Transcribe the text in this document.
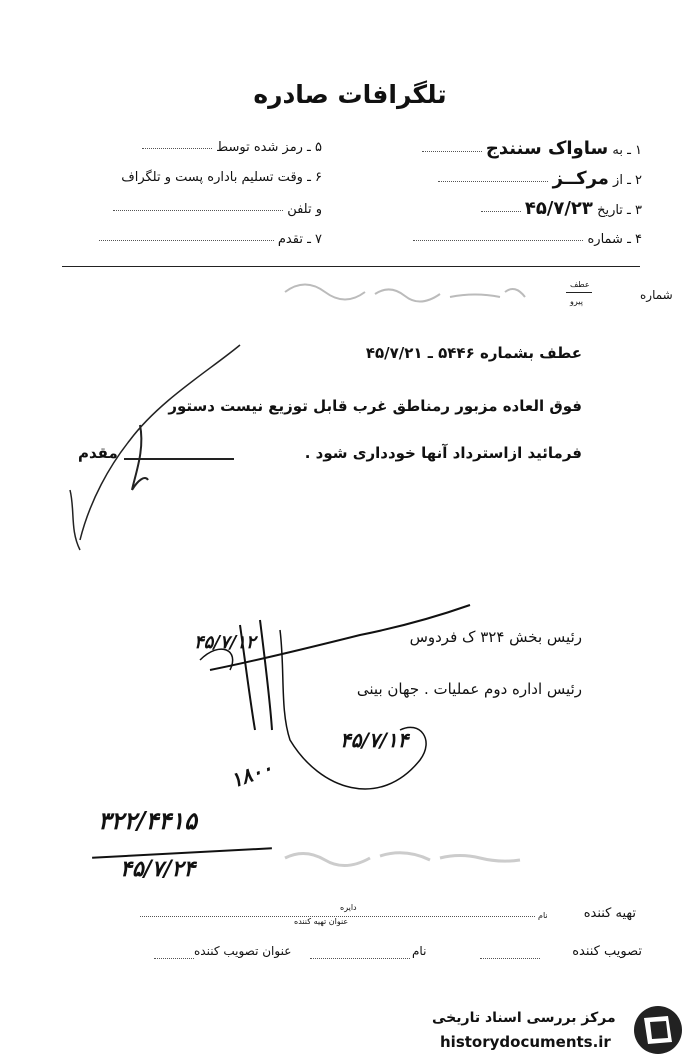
تلگرافات صادره
۱ ـ به ساواک سنندج
۲ ـ از مرکــز
۳ ـ تاریخ ۴۵/۷/۲۳
۴ ـ شماره
۵ ـ رمز شده توسط
۶ ـ وقت تسلیم باداره پست و تلگراف
و تلفن
۷ ـ تقدم
شماره
عطف
پیرو
عطف بشماره ۵۴۴۶ ـ ۴۵/۷/۲۱
فوق العاده مزبور رمناطق غرب قابل توزیع نیست دستور
فرمائید ازاسترداد آنها خودداری شود .
مقدم
رئیس بخش ۳۲۴ ک فردوس
رئیس اداره دوم عملیات . جهان بینی
۴۵/۷/۱۲
۴۵/۷/۱۴
۱۸۰۰
۳۲۲/۴۴۱۵
۴۵/۷/۲۴
تهیه کننده
نام
دایره
عنوان تهیه کننده
تصویب کننده
نام
عنوان تصویب کننده
مرکز بررسی اسناد تاریخی
historydocuments.ir
